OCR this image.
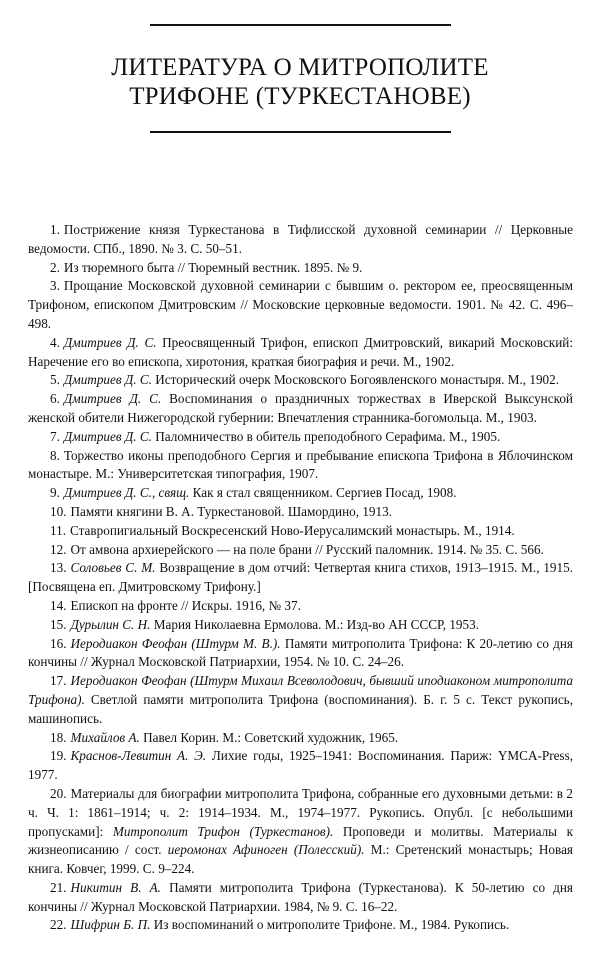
ЛИТЕРАТУРА О МИТРОПОЛИТЕ
ТРИФОНЕ (ТУРКЕСТАНОВЕ)

1. Пострижение князя Туркестанова в Тифлисской духовной семинарии // Церковные ведомости. СПб., 1890. № 3. С. 50–51.

2. Из тюремного быта // Тюремный вестник. 1895. № 9.

3. Прощание Московской духовной семинарии с бывшим о. ректором ее, преосвященным Трифоном, епископом Дмитровским // Московские церковные ведомости. 1901. № 42. С. 496–498.

4. Дмитриев Д. С. Преосвященный Трифон, епископ Дмитровский, викарий Московский: Наречение его во епископа, хиротония, краткая биография и речи. М., 1902.

5. Дмитриев Д. С. Исторический очерк Московского Богоявленского монастыря. М., 1902.

6. Дмитриев Д. С. Воспоминания о праздничных торжествах в Иверской Выксунской женской обители Нижегородской губернии: Впечатления странника-богомольца. М., 1903.

7. Дмитриев Д. С. Паломничество в обитель преподобного Серафима. М., 1905.

8. Торжество иконы преподобного Сергия и пребывание епископа Трифона в Яблочинском монастыре. М.: Университетская типография, 1907.

9. Дмитриев Д. С., свящ. Как я стал священником. Сергиев Посад, 1908.

10. Памяти княгини В. А. Туркестановой. Шамордино, 1913.

11. Ставропигиальный Воскресенский Ново-Иерусалимский монастырь. М., 1914.

12. От амвона архиерейского — на поле брани // Русский паломник. 1914. № 35. С. 566.

13. Соловьев С. М. Возвращение в дом отчий: Четвертая книга стихов, 1913–1915. М., 1915. [Посвящена еп. Дмитровскому Трифону.]

14. Епископ на фронте // Искры. 1916, № 37.

15. Дурылин С. Н. Мария Николаевна Ермолова. М.: Изд-во АН СССР, 1953.

16. Иеродиакон Феофан (Штурм М. В.). Памяти митрополита Трифона: К 20-летию со дня кончины // Журнал Московской Патриархии, 1954. № 10. С. 24–26.

17. Иеродиакон Феофан (Штурм Михаил Всеволодович, бывший иподиаконом митрополита Трифона). Светлой памяти митрополита Трифона (воспоминания). Б. г. 5 с. Текст рукопись, машинопись.

18. Михайлов А. Павел Корин. М.: Советский художник, 1965.

19. Краснов-Левитин А. Э. Лихие годы, 1925–1941: Воспоминания. Париж: YMCA-Press, 1977.

20. Материалы для биографии митрополита Трифона, собранные его духовными детьми: в 2 ч. Ч. 1: 1861–1914; ч. 2: 1914–1934. М., 1974–1977. Рукопись. Опубл. [с небольшими пропусками]: Митрополит Трифон (Туркестанов). Проповеди и молитвы. Материалы к жизнеописанию / сост. иеромонах Афиноген (Полесский). М.: Сретенский монастырь; Новая книга. Ковчег, 1999. С. 9–224.

21. Никитин В. А. Памяти митрополита Трифона (Туркестанова). К 50-летию со дня кончины // Журнал Московской Патриархии. 1984, № 9. С. 16–22.

22. Шифрин Б. П. Из воспоминаний о митрополите Трифоне. М., 1984. Рукопись.
